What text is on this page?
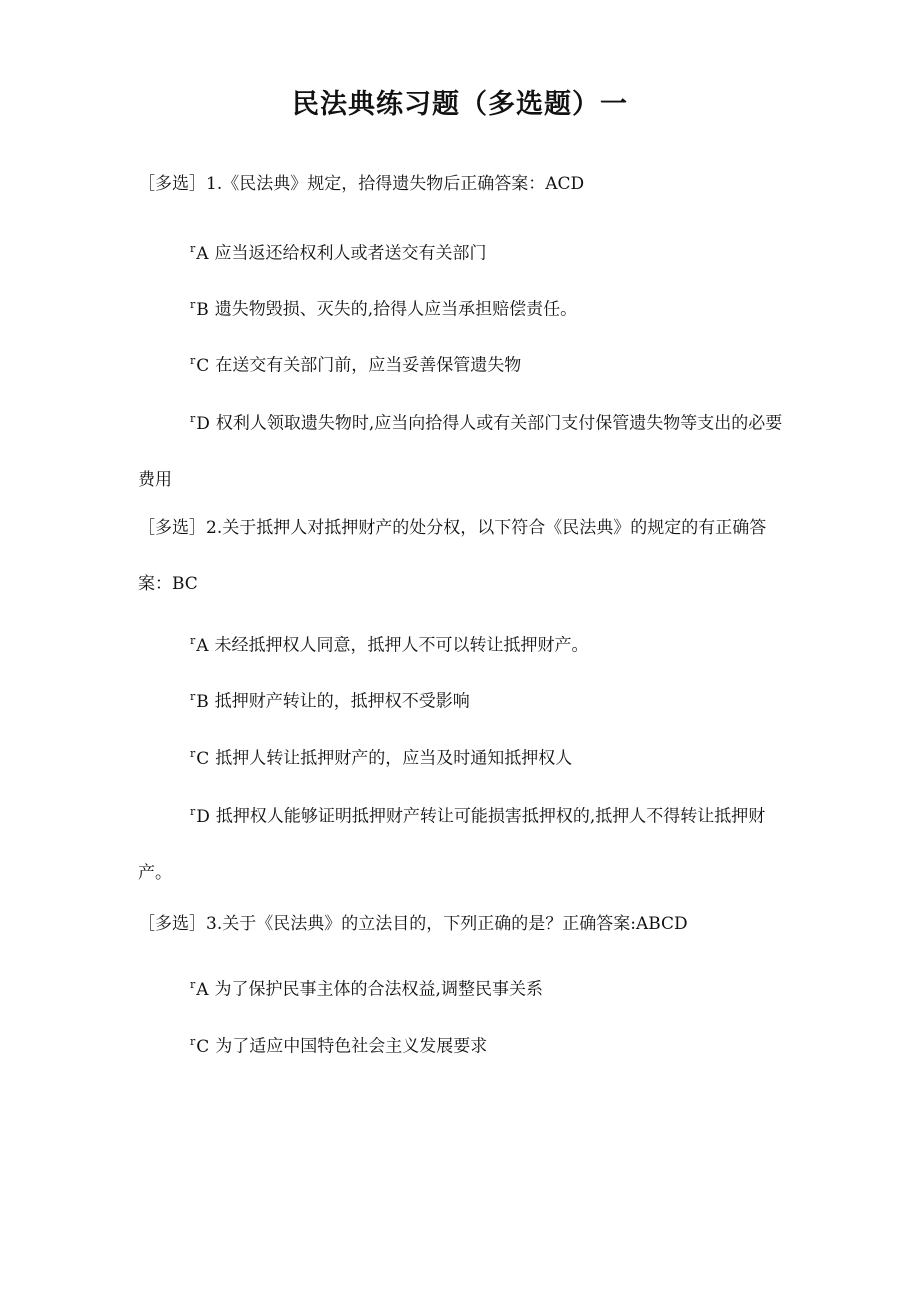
民法典练习题（多选题）一

［多选］1.《民法典》规定，拾得遗失物后正确答案：ACD

$^r$A 应当返还给权利人或者送交有关部门

$^r$B 遗失物毁损、灭失的,拾得人应当承担赔偿责任。

$^r$C 在送交有关部门前，应当妥善保管遗失物

$^r$D 权利人领取遗失物时,应当向拾得人或有关部门支付保管遗失物等支出的必要费用

［多选］2.关于抵押人对抵押财产的处分权，以下符合《民法典》的规定的有正确答案：BC

$^r$A 未经抵押权人同意，抵押人不可以转让抵押财产。

$^r$B 抵押财产转让的，抵押权不受影响

$^r$C 抵押人转让抵押财产的，应当及时通知抵押权人

$^r$D 抵押权人能够证明抵押财产转让可能损害抵押权的,抵押人不得转让抵押财产。

［多选］3.关于《民法典》的立法目的，下列正确的是？正确答案:ABCD

$^r$A 为了保护民事主体的合法权益,调整民事关系

$^r$C 为了适应中国特色社会主义发展要求
